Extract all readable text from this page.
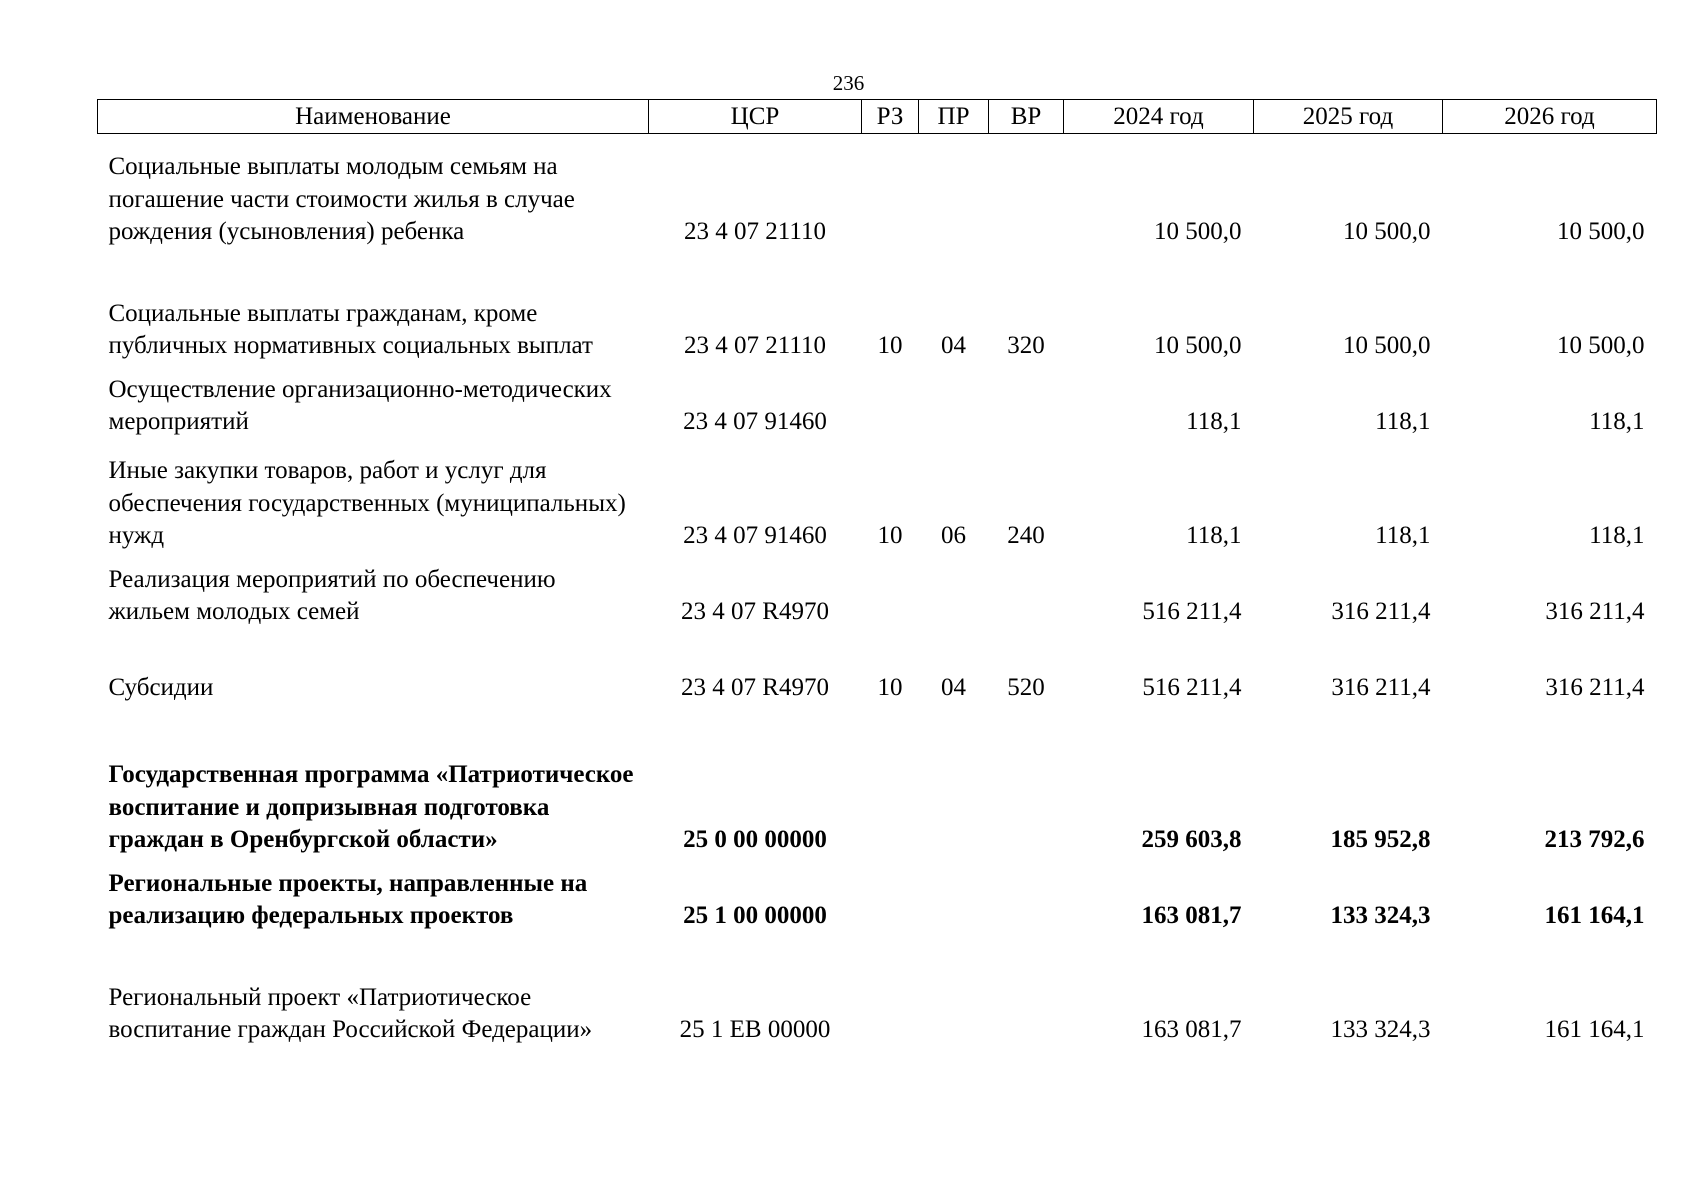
236
Наименование	ЦСР	РЗ	ПР	ВР	2024 год	2025 год	2026 год
Социальные выплаты молодым семьям на погашение части стоимости жилья в случае рождения (усыновления) ребенка	23 4 07 21110				10 500,0	10 500,0	10 500,0
Социальные выплаты гражданам, кроме публичных нормативных социальных выплат	23 4 07 21110	10	04	320	10 500,0	10 500,0	10 500,0
Осуществление организационно-методических мероприятий	23 4 07 91460				118,1	118,1	118,1
Иные закупки товаров, работ и услуг для обеспечения государственных (муниципальных) нужд	23 4 07 91460	10	06	240	118,1	118,1	118,1
Реализация мероприятий по обеспечению жильем молодых семей	23 4 07 R4970				516 211,4	316 211,4	316 211,4
Субсидии	23 4 07 R4970	10	04	520	516 211,4	316 211,4	316 211,4
Государственная программа «Патриотическое воспитание и допризывная подготовка граждан в Оренбургской области»	25 0 00 00000				259 603,8	185 952,8	213 792,6
Региональные проекты, направленные на реализацию федеральных проектов	25 1 00 00000				163 081,7	133 324,3	161 164,1
Региональный проект «Патриотическое воспитание граждан Российской Федерации»	25 1 EB 00000				163 081,7	133 324,3	161 164,1
